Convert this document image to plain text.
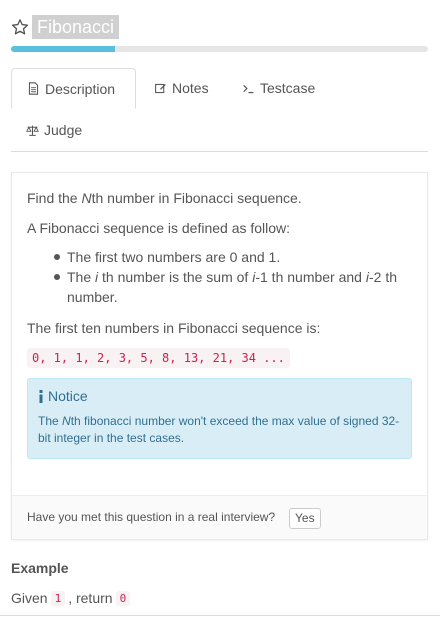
Fibonacci
Description	Notes	Testcase
Judge

Find the Nth number in Fibonacci sequence.

A Fibonacci sequence is defined as follow:

The first two numbers are 0 and 1.
The i th number is the sum of i-1 th number and i-2 th number.

The first ten numbers in Fibonacci sequence is:

0, 1, 1, 2, 3, 5, 8, 13, 21, 34 ...
Notice

The Nth fibonacci number won't exceed the max value of signed 32-bit integer in the test cases.

Have you met this question in a real interview?	Yes
Example
Given 1 , return 0
